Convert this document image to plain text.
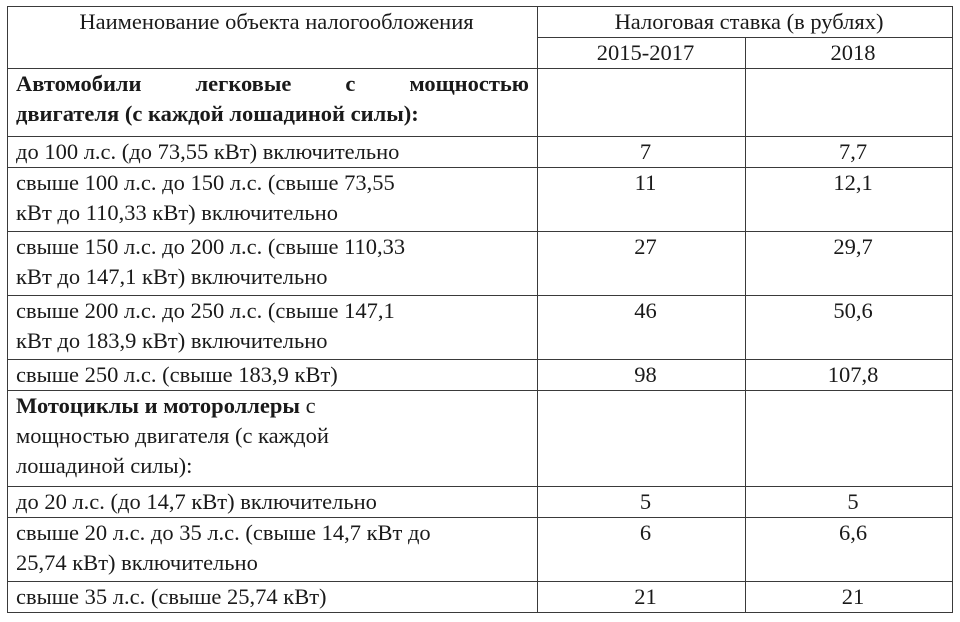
Наименование объекта налогообложения	Налоговая ставка (в рублях)	
	2015-2017	2018

Автомобили легковые с мощностью
двигателя (с каждой лошадиной силы):		
до 100 л.с. (до 73,55 кВт) включительно	7	7,7
свыше 100 л.с. до 150 л.с. (свыше 73,55
кВт до 110,33 кВт) включительно	11	12,1
свыше 150 л.с. до 200 л.с. (свыше 110,33
кВт до 147,1 кВт) включительно	27	29,7
свыше 200 л.с. до 250 л.с. (свыше 147,1
кВт до 183,9 кВт) включительно	46	50,6
свыше 250 л.с. (свыше 183,9 кВт)	98	107,8
Мотоциклы и мотороллеры с
мощностью двигателя (с каждой
лошадиной силы):		
до 20 л.с. (до 14,7 кВт) включительно	5	5
свыше 20 л.с. до 35 л.с. (свыше 14,7 кВт до
25,74 кВт) включительно	6	6,6
свыше 35 л.с. (свыше 25,74 кВт)	21	21
